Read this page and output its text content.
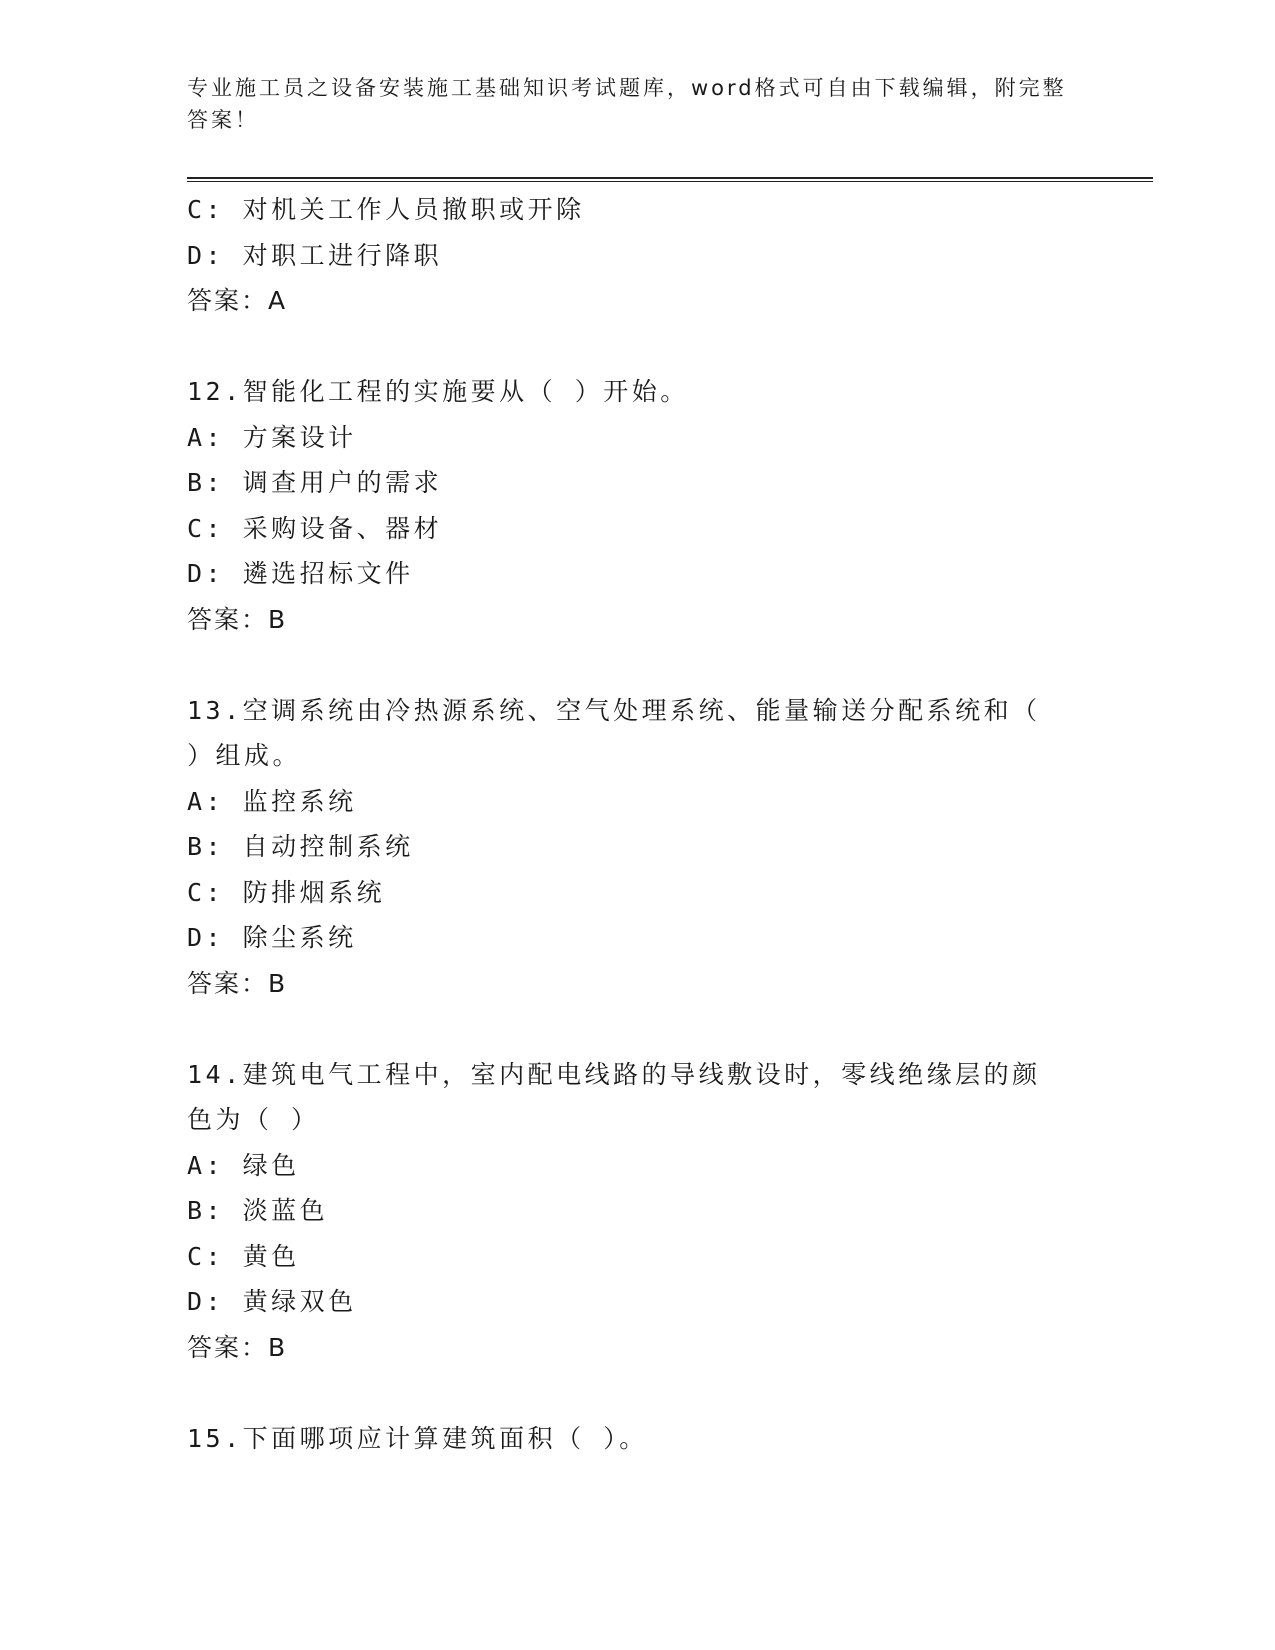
专业施工员之设备安装施工基础知识考试题库，word格式可自由下载编辑，附完整答案！
C: 对机关工作人员撤职或开除
D: 对职工进行降职
答案：A
12.智能化工程的实施要从（ ）开始。
A: 方案设计
B: 调查用户的需求
C: 采购设备、器材
D: 遴选招标文件
答案：B
13.空调系统由冷热源系统、空气处理系统、能量输送分配系统和（ ）组成。
A: 监控系统
B: 自动控制系统
C: 防排烟系统
D: 除尘系统
答案：B
14.建筑电气工程中，室内配电线路的导线敷设时，零线绝缘层的颜色为（ ）
A: 绿色
B: 淡蓝色
C: 黄色
D: 黄绿双色
答案：B
15.下面哪项应计算建筑面积（ ）。
